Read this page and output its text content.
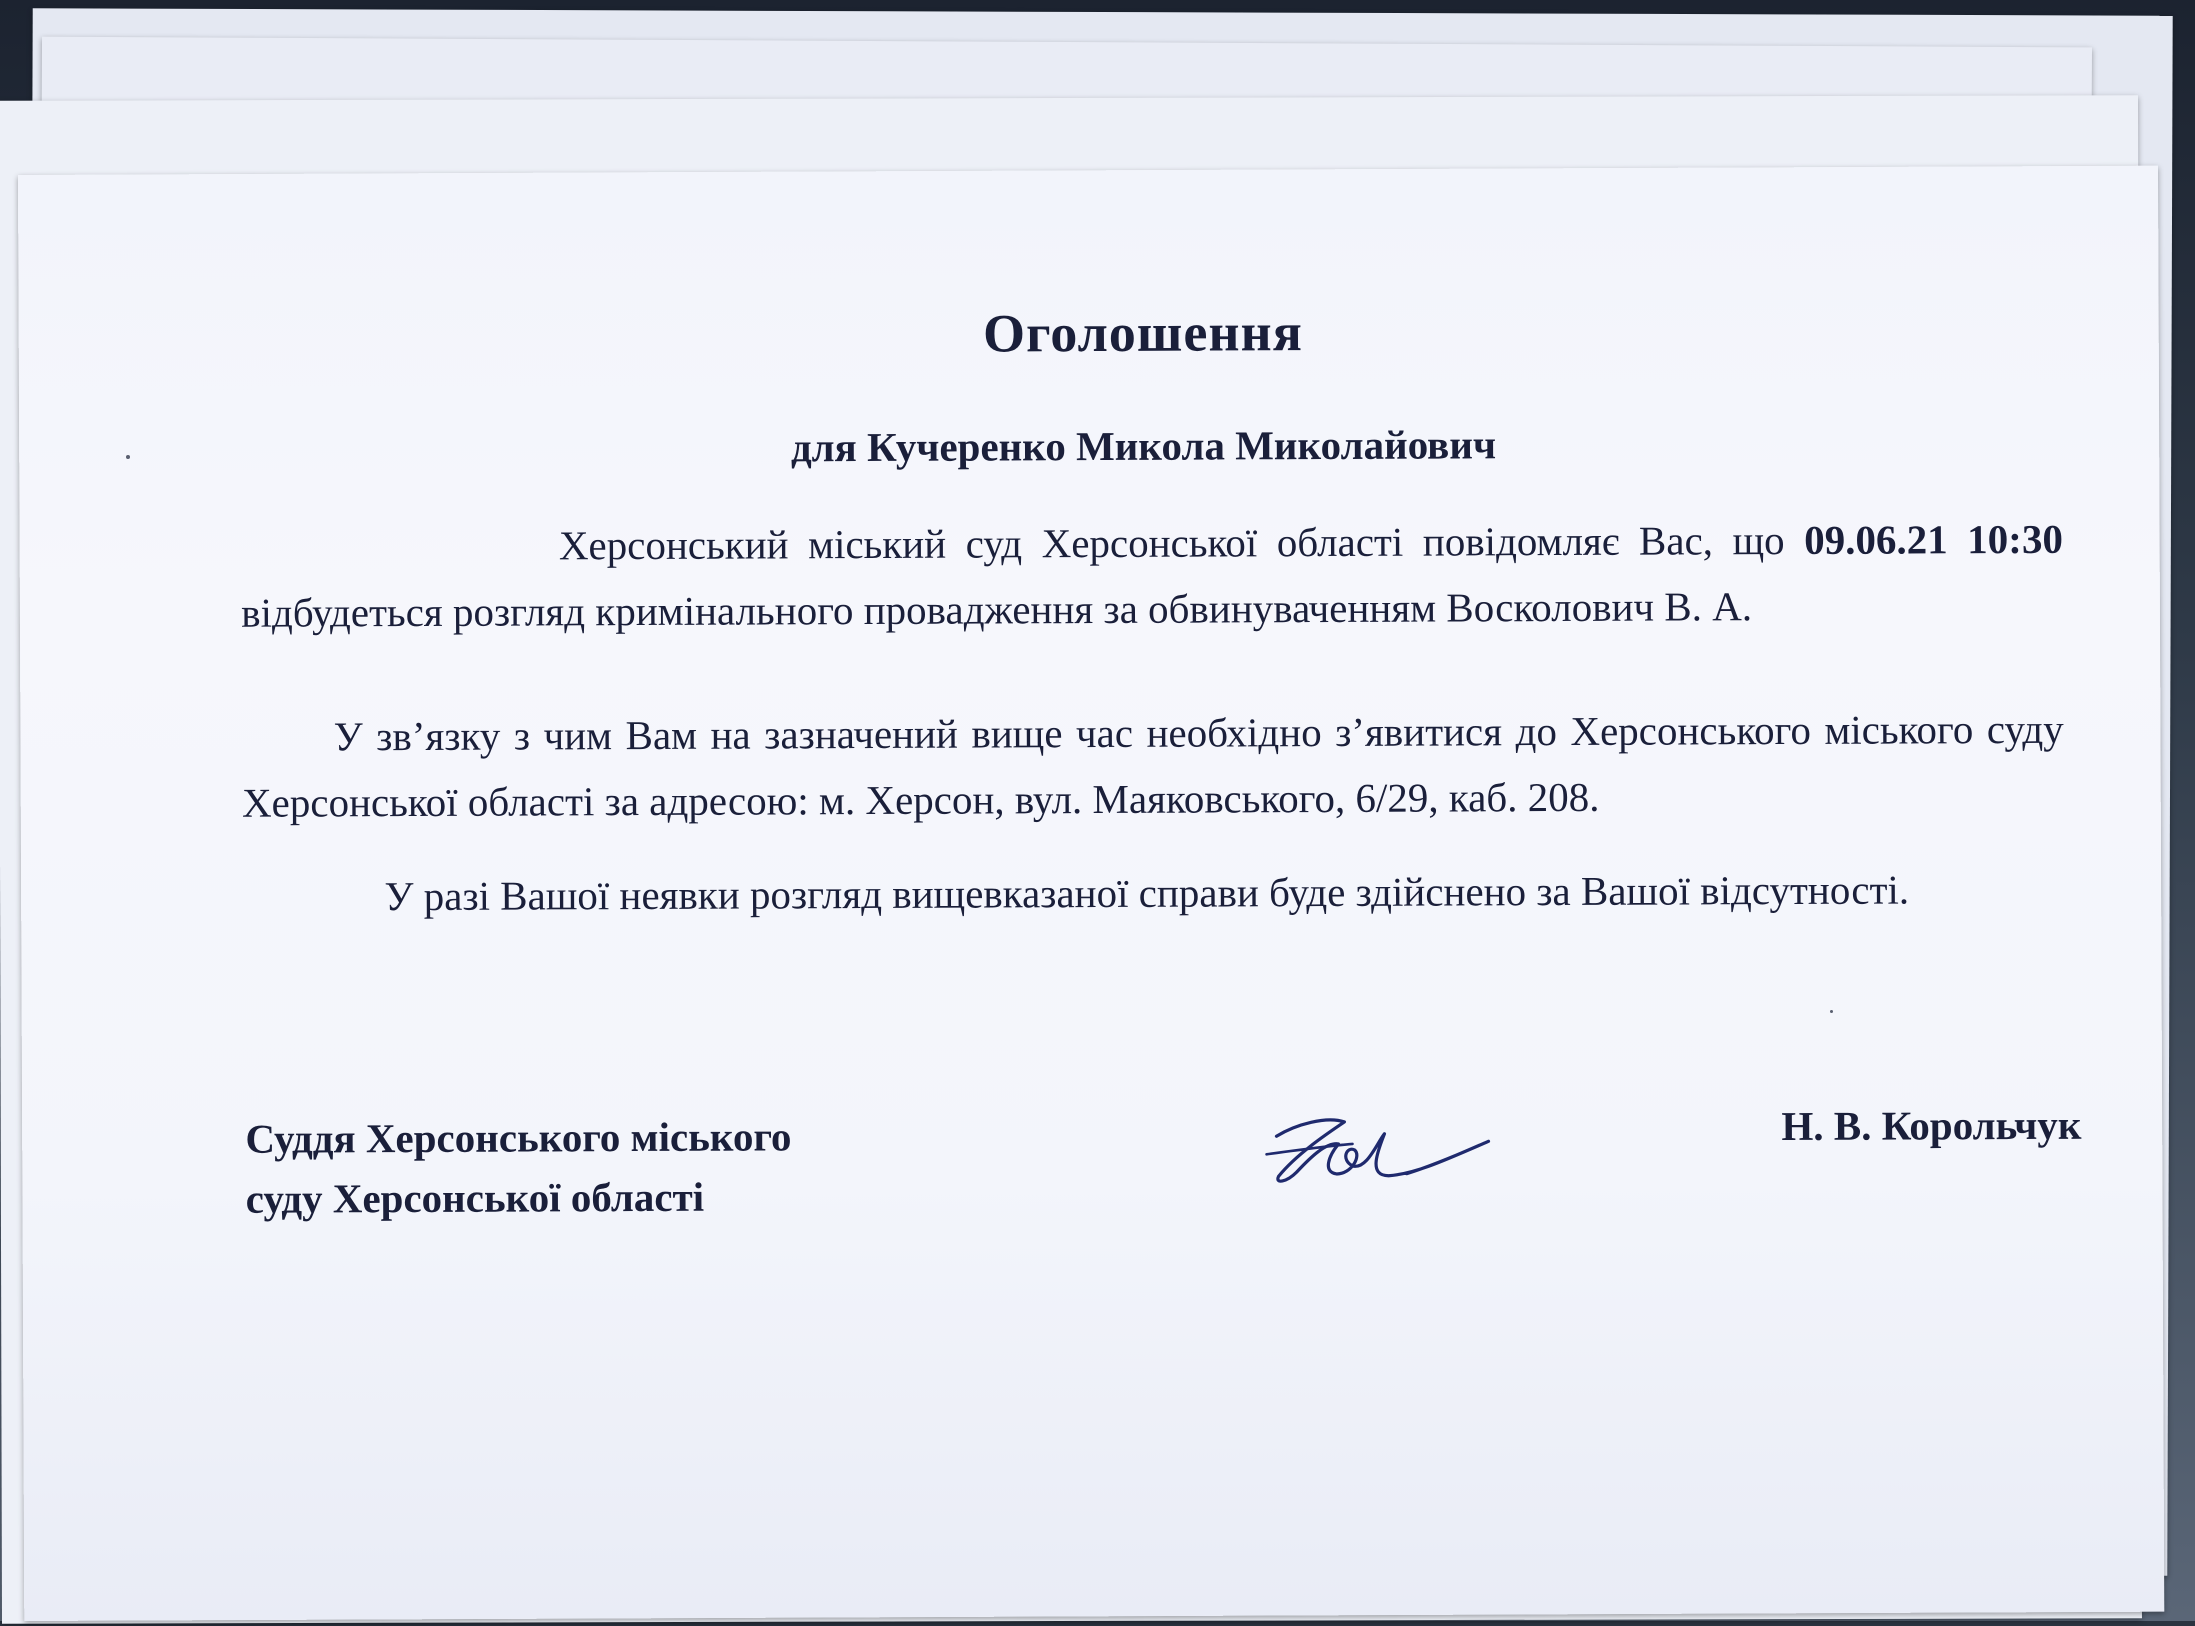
Оголошення
для Кучеренко Микола Миколайович
Херсонський міський суд Херсонської області повідомляє Вас, що 09.06.21 10:30 відбудеться розгляд кримінального провадження за обвинуваченням Восколович В. А.
У зв’язку з чим Вам на зазначений вище час необхідно з’явитися до Херсонського міського суду Херсонської області за адресою: м. Херсон, вул. Маяковського, 6/29, каб. 208.
У разі Вашої неявки розгляд вищевказаної справи буде здійснено за Вашої відсутності.
Суддя Херсонського міського
суду Херсонської області
Н. В. Корольчук
